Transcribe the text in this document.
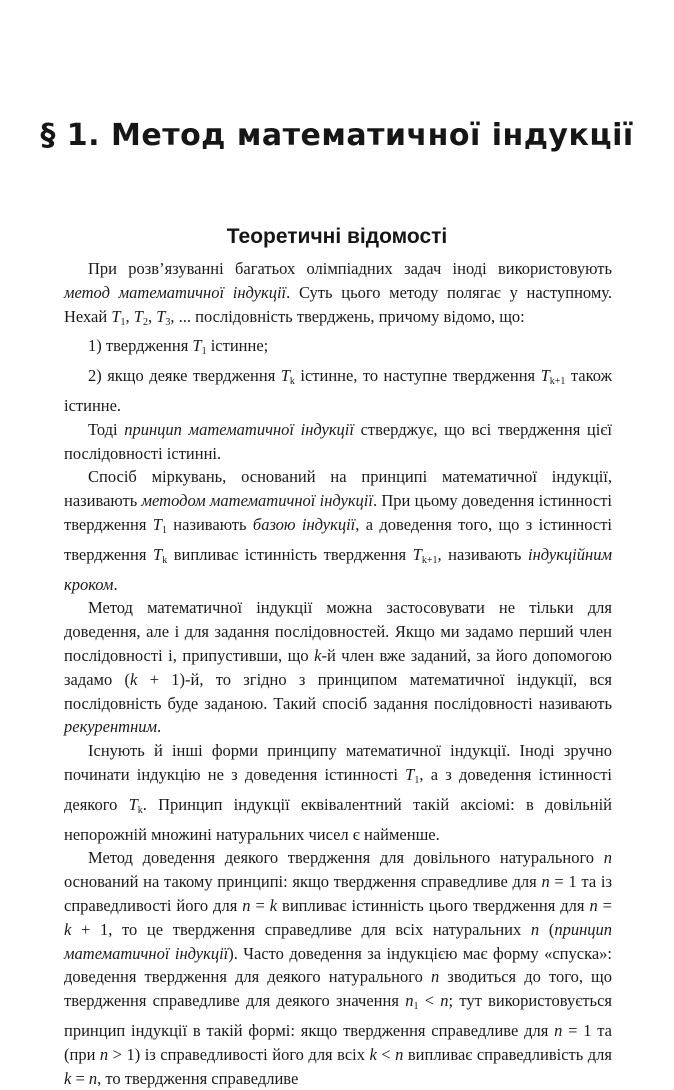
§ 1. Метод математичної індукції
Теоретичні відомості

При розв’язуванні багатьох олімпіадних задач іноді використовують метод математичної індукції. Суть цього методу полягає у наступному. Нехай $T_1$, $T_2$, $T_3$, ... послідовність тверджень, причому відомо, що:

1) твердження $T_1$ істинне;

2) якщо деяке твердження $T_k$ істинне, то наступне твердження $T_{k+1}$ також істинне.

Тоді принцип математичної індукції стверджує, що всі твердження цієї послідовності істинні.

Спосіб міркувань, оснований на принципі математичної індукції, називають методом математичної індукції. При цьому доведення істинності твердження $T_1$ називають базою індукції, а доведення того, що з істинності твердження $T_k$ випливає істинність твердження $T_{k+1}$, називають індукційним кроком.

Метод математичної індукції можна застосовувати не тільки для доведення, але і для задання послідовностей. Якщо ми задамо перший член послідовності і, припустивши, що k-й член вже заданий, за його допомогою задамо (k + 1)-й, то згідно з принципом математичної індукції, вся послідовність буде заданою. Такий спосіб задання послідовності називають рекурентним.

Існують й інші форми принципу математичної індукції. Іноді зручно починати індукцію не з доведення істинності $T_1$, а з доведення істинності деякого $T_k$. Принцип індукції еквівалентний такій аксіомі: в довільній непорожній множині натуральних чисел є найменше.

Метод доведення деякого твердження для довільного натурального n оснований на такому принципі: якщо твердження справедливе для n = 1 та із справедливості його для n = k випливає істинність цього твердження для n = k + 1, то це твердження справедливе для всіх натуральних n (принцип математичної індукції). Часто доведення за індукцією має форму «спуска»: доведення твердження для деякого натурального n зводиться до того, що твердження справедливе для деякого значення $n_1 < n$; тут використовується принцип індукції в такій формі: якщо твердження справедливе для n = 1 та (при n > 1) із справедливості його для всіх k < n випливає справедливість для k = n, то твердження справедливе
